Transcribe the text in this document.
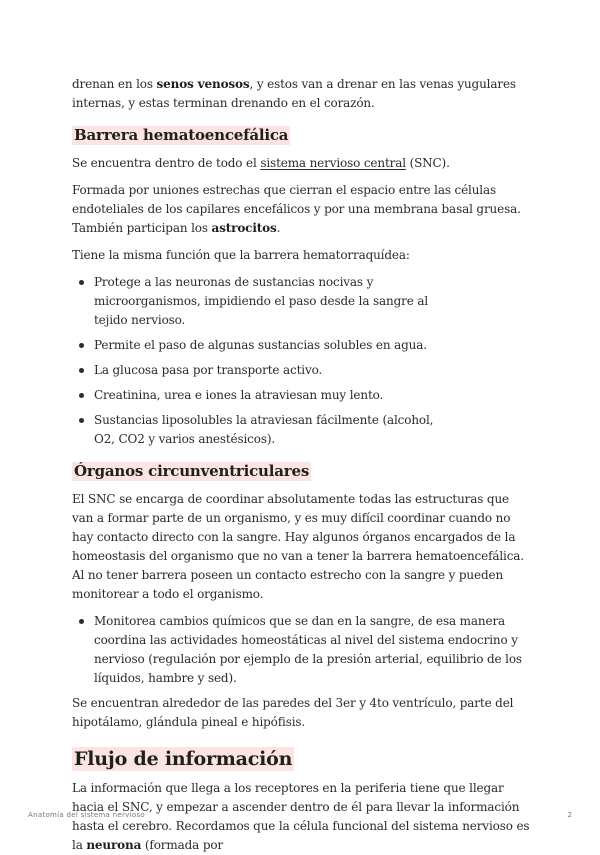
drenan en los senos venosos, y estos van a drenar en las venas yugulares internas, y estas terminan drenando en el corazón.

Barrera hematoencefálica

Se encuentra dentro de todo el sistema nervioso central (SNC).

Formada por uniones estrechas que cierran el espacio entre las células endoteliales de los capilares encefálicos y por una membrana basal gruesa. También participan los astrocitos.

Tiene la misma función que la barrera hematorraquídea:

Protege a las neuronas de sustancias nocivas y microorganismos, impidiendo el paso desde la sangre al tejido nervioso.
Permite el paso de algunas sustancias solubles en agua.
La glucosa pasa por transporte activo.
Creatinina, urea e iones la atraviesan muy lento.
Sustancias liposolubles la atraviesan fácilmente (alcohol, O2, CO2 y varios anestésicos).
Órganos circunventriculares

El SNC se encarga de coordinar absolutamente todas las estructuras que van a formar parte de un organismo, y es muy difícil coordinar cuando no hay contacto directo con la sangre. Hay algunos órganos encargados de la homeostasis del organismo que no van a tener la barrera hematoencefálica.

Al no tener barrera poseen un contacto estrecho con la sangre y pueden monitorear a todo el organismo.

Monitorea cambios químicos que se dan en la sangre, de esa manera coordina las actividades homeostáticas al nivel del sistema endocrino y nervioso (regulación por ejemplo de la presión arterial, equilibrio de los líquidos, hambre y sed).

Se encuentran alrededor de las paredes del 3er y 4to ventrículo, parte del hipotálamo, glándula pineal e hipófisis.

Flujo de información

La información que llega a los receptores en la periferia tiene que llegar hacia el SNC, y empezar a ascender dentro de él para llevar la información hasta el cerebro. Recordamos que la célula funcional del sistema nervioso es la neurona (formada por

Anatomía del sistema nervioso	2
